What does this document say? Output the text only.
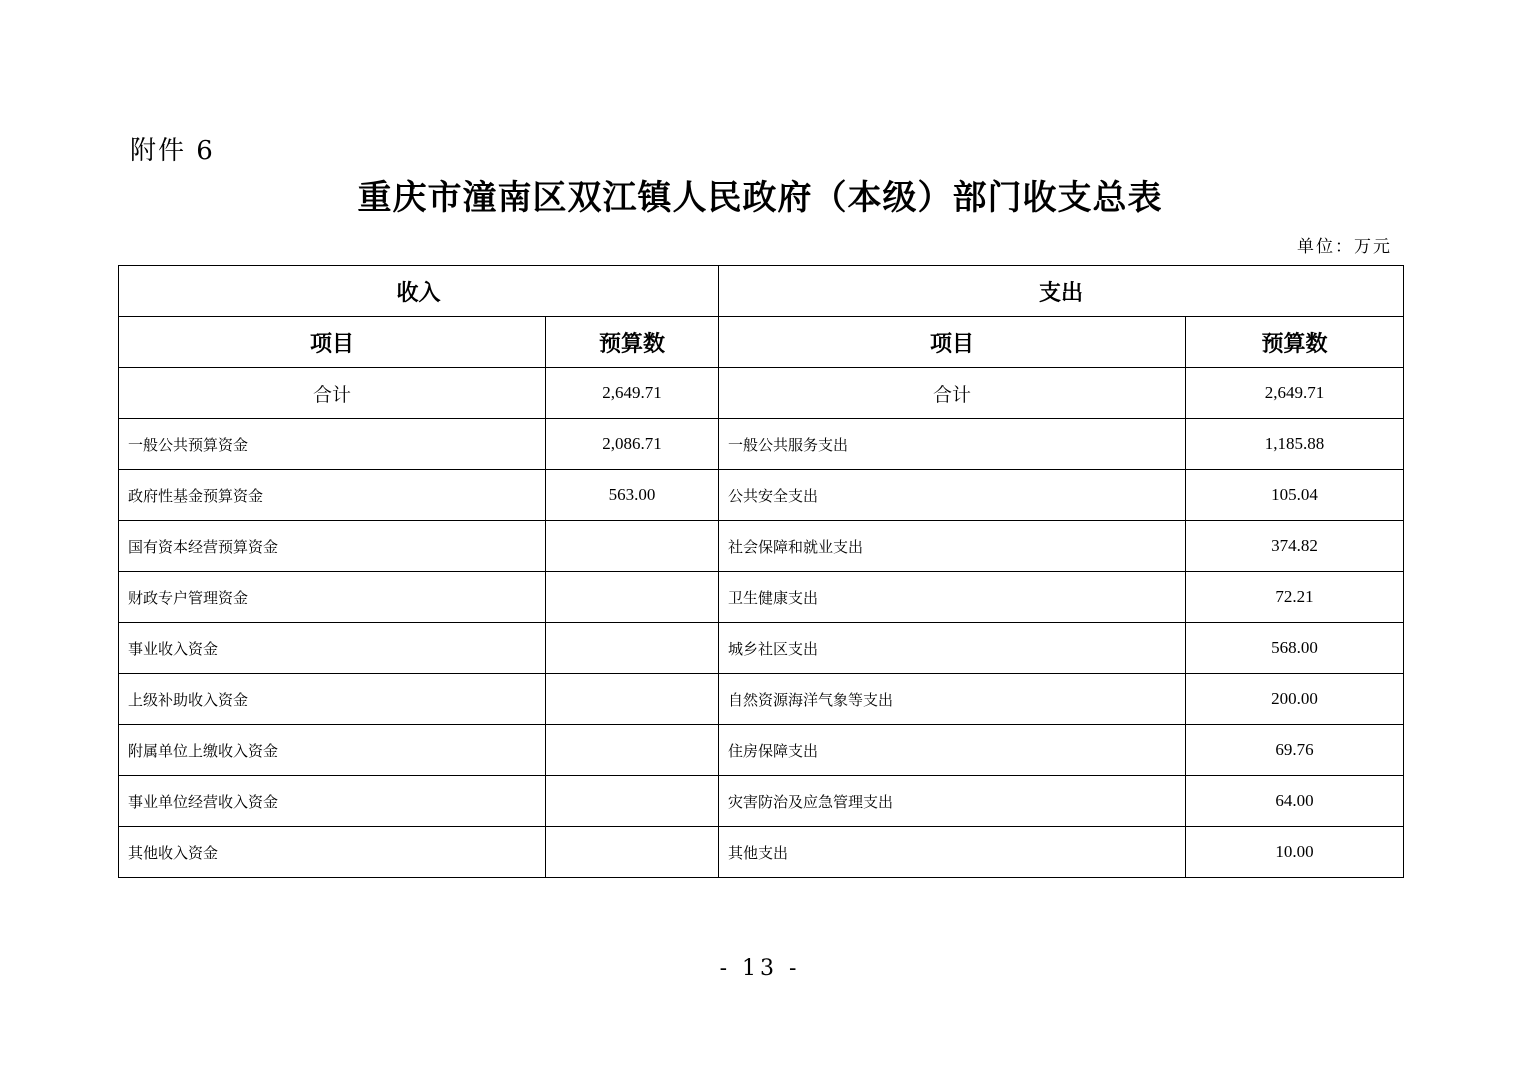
附件 6
重庆市潼南区双江镇人民政府（本级）部门收支总表
单位：万元
收入		支出	
项目	预算数	项目	预算数
合计	2,649.71	合计	2,649.71
一般公共预算资金	2,086.71	一般公共服务支出	1,185.88
政府性基金预算资金	563.00	公共安全支出	105.04
国有资本经营预算资金		社会保障和就业支出	374.82
财政专户管理资金		卫生健康支出	72.21
事业收入资金		城乡社区支出	568.00
上级补助收入资金		自然资源海洋气象等支出	200.00
附属单位上缴收入资金		住房保障支出	69.76
事业单位经营收入资金		灾害防治及应急管理支出	64.00
其他收入资金		其他支出	10.00
- 13 -
